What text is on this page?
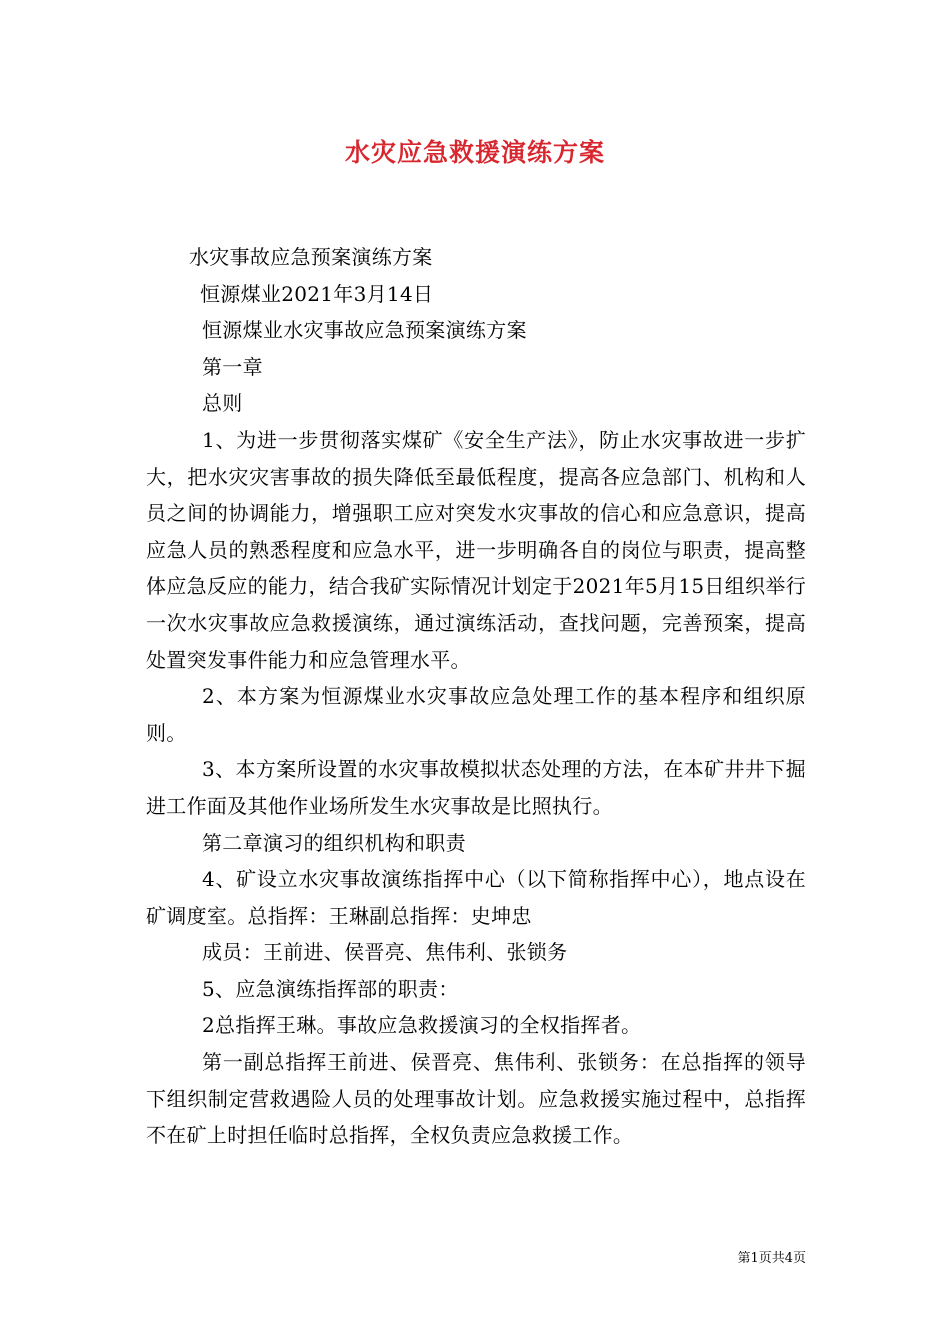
水灾应急救援演练方案
水灾事故应急预案演练方案
恒源煤业2021年3月14日
恒源煤业水灾事故应急预案演练方案
第一章
总则
1、为进一步贯彻落实煤矿《安全生产法》，防止水灾事故进一步扩大，把水灾灾害事故的损失降低至最低程度，提高各应急部门、机构和人员之间的协调能力，增强职工应对突发水灾事故的信心和应急意识，提高应急人员的熟悉程度和应急水平，进一步明确各自的岗位与职责，提高整体应急反应的能力，结合我矿实际情况计划定于2021年5月15日组织举行一次水灾事故应急救援演练，通过演练活动，查找问题，完善预案，提高处置突发事件能力和应急管理水平。
2、本方案为恒源煤业水灾事故应急处理工作的基本程序和组织原则。
3、本方案所设置的水灾事故模拟状态处理的方法，在本矿井井下掘进工作面及其他作业场所发生水灾事故是比照执行。
第二章演习的组织机构和职责
4、矿设立水灾事故演练指挥中心（以下简称指挥中心），地点设在矿调度室。总指挥：王琳副总指挥：史坤忠
成员：王前进、侯晋亮、焦伟利、张锁务
5、应急演练指挥部的职责：
2总指挥王琳。事故应急救援演习的全权指挥者。
第一副总指挥王前进、侯晋亮、焦伟利、张锁务：在总指挥的领导下组织制定营救遇险人员的处理事故计划。应急救援实施过程中，总指挥不在矿上时担任临时总指挥，全权负责应急救援工作。
第1页共4页
